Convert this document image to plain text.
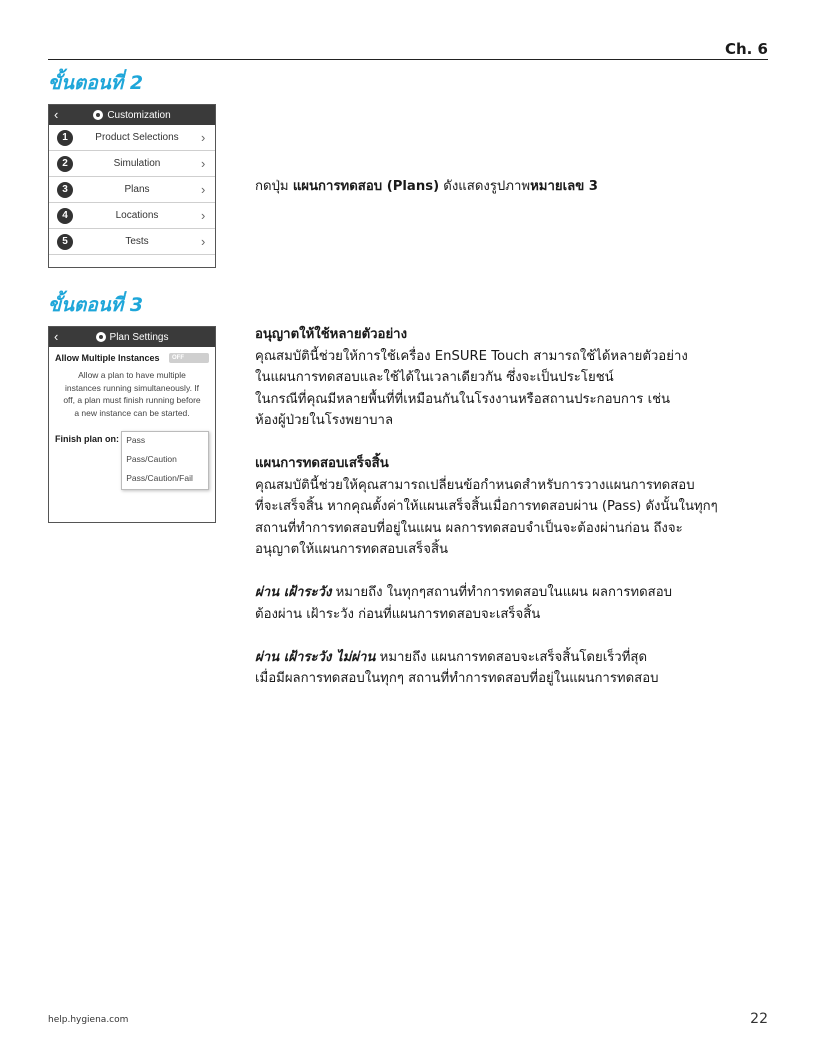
Ch. 6
ขั้นตอนที่ 2
‹	Customization
1	Product Selections	›
2	Simulation	›
3	Plans	›
4	Locations	›
5	Tests	›

กดปุ่ม แผนการทดสอบ (Plans) ดังแสดงรูปภาพหมายเลข 3

ขั้นตอนที่ 3
‹	Plan Settings
Allow Multiple Instances	OFF
Allow a plan to have multiple
instances running simultaneously. If
off, a plan must finish running before
a new instance can be started.
Finish plan on: Pass
Pass/Caution
Pass/Caution/Fail

อนุญาตให้ใช้หลายตัวอย่าง

คุณสมบัตินี้ช่วยให้การใช้เครื่อง EnSURE Touch สามารถใช้ได้หลายตัวอย่าง

ในแผนการทดสอบและใช้ได้ในเวลาเดียวกัน ซึ่งจะเป็นประโยชน์

ในกรณีที่คุณมีหลายพื้นที่ที่เหมือนกันในโรงงานหรือสถานประกอบการ เช่น

ห้องผู้ป่วยในโรงพยาบาล

แผนการทดสอบเสร็จสิ้น

คุณสมบัตินี้ช่วยให้คุณสามารถเปลี่ยนข้อกำหนดสำหรับการวางแผนการทดสอบ

ที่จะเสร็จสิ้น หากคุณตั้งค่าให้แผนเสร็จสิ้นเมื่อการทดสอบผ่าน (Pass) ดังนั้นในทุกๆ

สถานที่ทำการทดสอบที่อยู่ในแผน ผลการทดสอบจำเป็นจะต้องผ่านก่อน ถึงจะ

อนุญาตให้แผนการทดสอบเสร็จสิ้น

ผ่าน เฝ้าระวัง หมายถึง ในทุกๆสถานที่ทำการทดสอบในแผน ผลการทดสอบ

ต้องผ่าน เฝ้าระวัง ก่อนที่แผนการทดสอบจะเสร็จสิ้น

ผ่าน เฝ้าระวัง ไม่ผ่าน หมายถึง แผนการทดสอบจะเสร็จสิ้นโดยเร็วที่สุด

เมื่อมีผลการทดสอบในทุกๆ สถานที่ทำการทดสอบที่อยู่ในแผนการทดสอบ

help.hygiena.com	22
